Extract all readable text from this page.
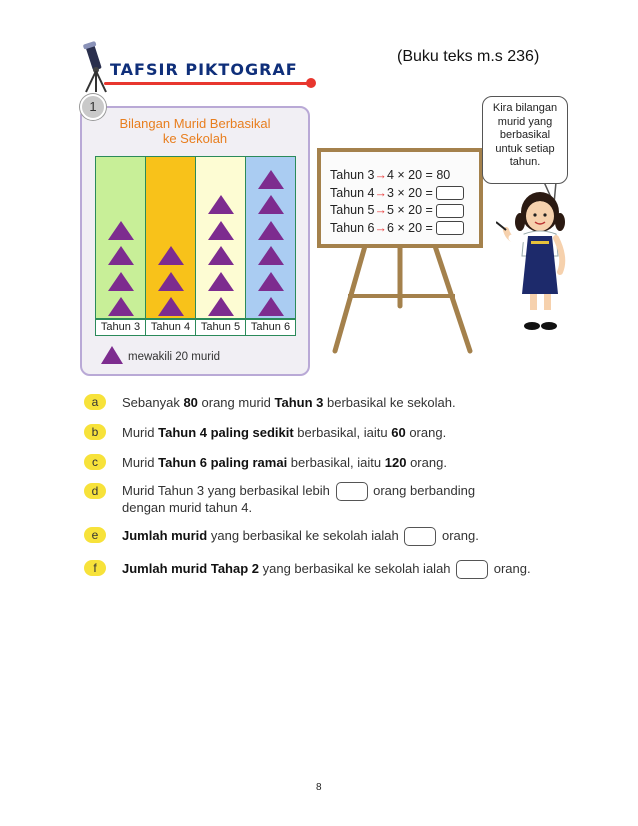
TAFSIR PIKTOGRAF
(Buku teks m.s 236)
1
Bilangan Murid Berbasikal
ke Sekolah
Tahun 3 Tahun 4 Tahun 5 Tahun 6
mewakili 20 murid
Tahun 3→4 × 20 = 80
Tahun 4→3 × 20 =
Tahun 5→5 × 20 =
Tahun 6→6 × 20 =
Kira bilangan
murid yang
berbasikal
untuk setiap
tahun.
a	Sebanyak 80 orang murid Tahun 3 berbasikal ke sekolah.
b	Murid Tahun 4 paling sedikit berbasikal, iaitu 60 orang.
c	Murid Tahun 6 paling ramai berbasikal, iaitu 120 orang.
d	Murid Tahun 3 yang berbasikal lebih	orang berbanding
dengan murid tahun 4.
e	Jumlah murid yang berbasikal ke sekolah ialah	orang.
f	Jumlah murid Tahap 2 yang berbasikal ke sekolah ialah	orang.
8
